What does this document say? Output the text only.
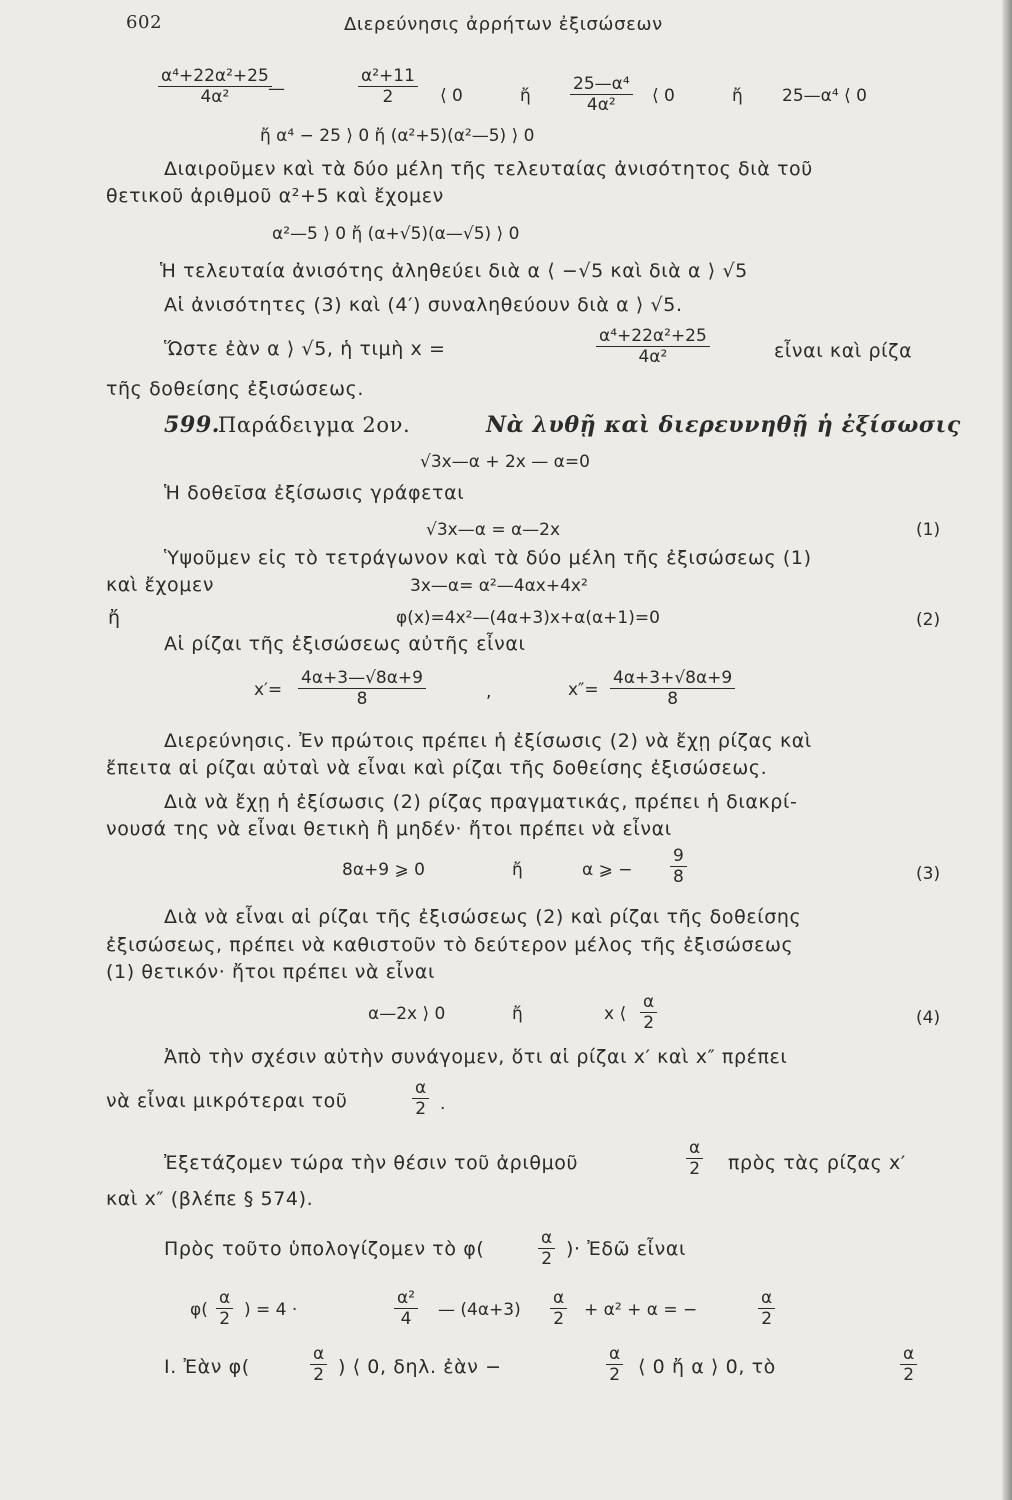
602	Διερεύνησις ἀρρήτων ἐξισώσεων
$\frac{\text{α⁴+22α²+25}}{\text{4α²}}$
—	$\frac{\text{α²+11}}{2}$ ⟨ 0	ἤ $\frac{\text{25—α⁴}}{\text{4α²}}$ ⟨ 0	ἤ 25—α⁴ ⟨ 0
ἤ α⁴ − 25 ⟩ 0 ἤ (α²+5)(α²—5) ⟩ 0
Διαιροῦμεν καὶ τὰ δύο μέλη τῆς τελευταίας ἀνισότητος διὰ τοῦ
θετικοῦ ἀριθμοῦ α²+5 καὶ ἔχομεν
α²—5 ⟩ 0 ἤ (α+√5)(α—√5) ⟩ 0
Ἡ τελευταία ἀνισότης ἀληθεύει διὰ α ⟨ −√5 καὶ διὰ α ⟩ √5
Αἱ ἀνισότητες (3) καὶ (4′) συναληθεύουν διὰ α ⟩ √5.
Ὥστε ἐὰν α ⟩ √5, ἡ τιμὴ x =	$\frac{\text{α⁴+22α²+25}}{\text{4α²}}$	εἶναι καὶ ρίζα
τῆς δοθείσης ἐξισώσεως.
599.
Παράδειγμα 2ον.	Νὰ λυθῇ καὶ διερευνηθῇ ἡ ἐξίσωσις
√3x—α + 2x — α=0
Ἡ δοθεῖσα ἐξίσωσις γράφεται
√3x—α = α—2x	(1)
Ὑψοῦμεν εἰς τὸ τετράγωνον καὶ τὰ δύο μέλη τῆς ἐξισώσεως (1)
καὶ ἔχομεν	3x—α= α²—4αx+4x²
ἤ	φ(x)=4x²—(4α+3)x+α(α+1)=0	(2)
Αἱ ρίζαι τῆς ἐξισώσεως αὐτῆς εἶναι
$x'= \frac{4\alpha+3—√8\alpha+9}{8}$	,	$x''= \frac{4\alpha+3+√8\alpha+9}{8}$
Διερεύνησις. Ἐν πρώτοις πρέπει ἡ ἐξίσωσις (2) νὰ ἔχῃ ρίζας καὶ
ἔπειτα αἱ ρίζαι αὐταὶ νὰ εἶναι καὶ ρίζαι τῆς δοθείσης ἐξισώσεως.
Διὰ νὰ ἔχῃ ἡ ἐξίσωσις (2) ρίζας πραγματικάς, πρέπει ἡ διακρί-
νουσά της νὰ εἶναι θετικὴ ἢ μηδέν· ἤτοι πρέπει νὰ εἶναι
8α+9 ⩾ 0	ἤ	α ⩾ − $\frac{9}{8}$	(3)
Διὰ νὰ εἶναι αἱ ρίζαι τῆς ἐξισώσεως (2) καὶ ρίζαι τῆς δοθείσης
ἐξισώσεως, πρέπει νὰ καθιστοῦν τὸ δεύτερον μέλος τῆς ἐξισώσεως
(1) θετικόν· ἤτοι πρέπει νὰ εἶναι
α—2x ⟩ 0	ἤ	x ⟨ $\frac{\alpha}{2}$	(4)
Ἀπὸ τὴν σχέσιν αὐτὴν συνάγομεν, ὅτι αἱ ρίζαι x′ καὶ x″ πρέπει
νὰ εἶναι μικρότεραι τοῦ	$\frac{\alpha}{2}$ .
Ἐξετάζομεν τώρα τὴν θέσιν τοῦ ἀριθμοῦ	$\frac{\alpha}{2}$ πρὸς τὰς ρίζας x′
καὶ x″ (βλέπε § 574).
Πρὸς τοῦτο ὑπολογίζομεν τὸ φ(	$\frac{\alpha}{2}$ )· Ἐδῶ εἶναι
$\varphi( \frac{\alpha}{2}$ ) = 4 ·	$\frac{\text{α²}}{4}$ — $(4\alpha+3) \frac{\alpha}{2} + \alpha^2 + \alpha$ = −	$\frac{\alpha}{2}$
I. Ἐὰν φ(	$\frac{\alpha}{2}$ ) ⟨ 0, δηλ. ἐὰν −	$\frac{\alpha}{2}$ ⟨ 0 ἤ α ⟩ 0, τὸ	$\frac{\alpha}{2}$
